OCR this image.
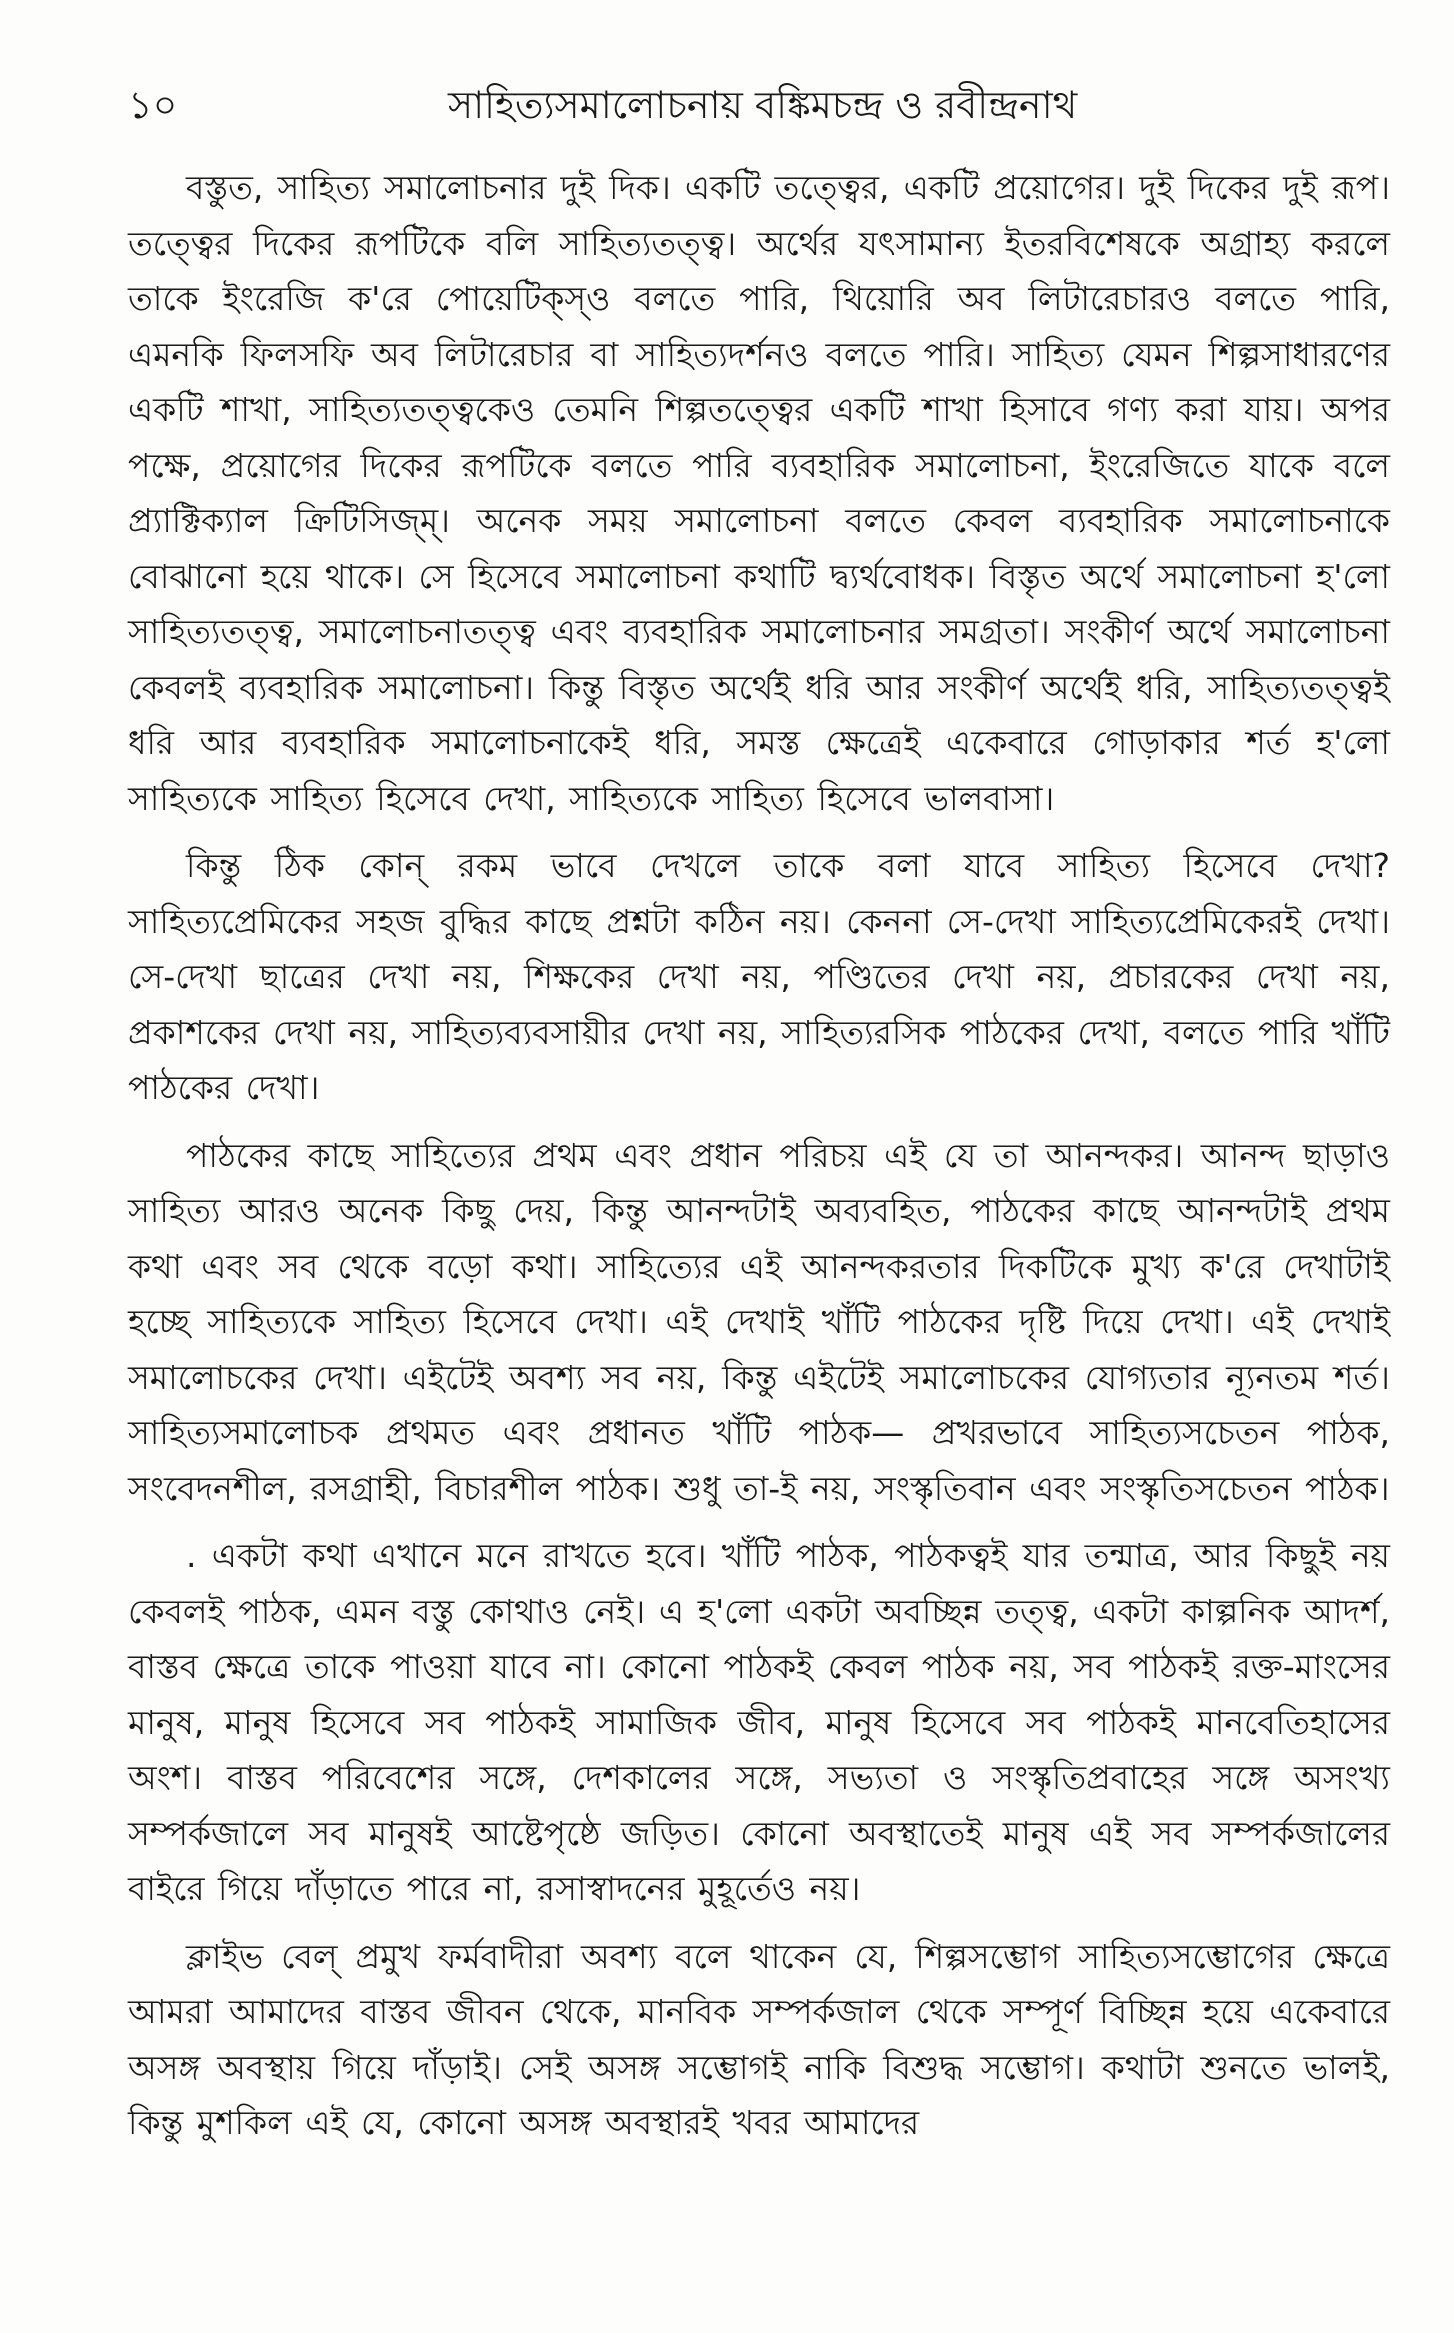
১০	সাহিত্যসমালোচনায় বঙ্কিমচন্দ্র ও রবীন্দ্রনাথ

বস্তুত, সাহিত্য সমালোচনার দুই দিক। একটি তত্ত্বের, একটি প্রয়োগের। দুই দিকের দুই রূপ। তত্ত্বের দিকের রূপটিকে বলি সাহিত্যতত্ত্ব। অর্থের যৎসামান্য ইতরবিশেষকে অগ্রাহ্য করলে তাকে ইংরেজি ক'রে পোয়েটিক্স্ও বলতে পারি, থিয়োরি অব লিটারেচারও বলতে পারি, এমনকি ফিলসফি অব লিটারেচার বা সাহিত্যদর্শনও বলতে পারি। সাহিত্য যেমন শিল্পসাধারণের একটি শাখা, সাহিত্যতত্ত্বকেও তেমনি শিল্পতত্ত্বের একটি শাখা হিসাবে গণ্য করা যায়। অপর পক্ষে, প্রয়োগের দিকের রূপটিকে বলতে পারি ব্যবহারিক সমালোচনা, ইংরেজিতে যাকে বলে প্র্যাক্টিক্যাল ক্রিটিসিজ্ম্। অনেক সময় সমালোচনা বলতে কেবল ব্যবহারিক সমালোচনাকে বোঝানো হয়ে থাকে। সে হিসেবে সমালোচনা কথাটি দ্ব্যর্থবোধক। বিস্তৃত অর্থে সমালোচনা হ'লো সাহিত্যতত্ত্ব, সমালোচনাতত্ত্ব এবং ব্যবহারিক সমালোচনার সমগ্রতা। সংকীর্ণ অর্থে সমালোচনা কেবলই ব্যবহারিক সমালোচনা। কিন্তু বিস্তৃত অর্থেই ধরি আর সংকীর্ণ অর্থেই ধরি, সাহিত্যতত্ত্বই ধরি আর ব্যবহারিক সমালোচনাকেই ধরি, সমস্ত ক্ষেত্রেই একেবারে গোড়াকার শর্ত হ'লো সাহিত্যকে সাহিত্য হিসেবে দেখা, সাহিত্যকে সাহিত্য হিসেবে ভালবাসা।

কিন্তু ঠিক কোন্ রকম ভাবে দেখলে তাকে বলা যাবে সাহিত্য হিসেবে দেখা? সাহিত্যপ্রেমিকের সহজ বুদ্ধির কাছে প্রশ্নটা কঠিন নয়। কেননা সে-দেখা সাহিত্যপ্রেমিকেরই দেখা। সে-দেখা ছাত্রের দেখা নয়, শিক্ষকের দেখা নয়, পণ্ডিতের দেখা নয়, প্রচারকের দেখা নয়, প্রকাশকের দেখা নয়, সাহিত্যব্যবসায়ীর দেখা নয়, সাহিত্যরসিক পাঠকের দেখা, বলতে পারি খাঁটি পাঠকের দেখা।

পাঠকের কাছে সাহিত্যের প্রথম এবং প্রধান পরিচয় এই যে তা আনন্দকর। আনন্দ ছাড়াও সাহিত্য আরও অনেক কিছু দেয়, কিন্তু আনন্দটাই অব্যবহিত, পাঠকের কাছে আনন্দটাই প্রথম কথা এবং সব থেকে বড়ো কথা। সাহিত্যের এই আনন্দকরতার দিকটিকে মুখ্য ক'রে দেখাটাই হচ্ছে সাহিত্যকে সাহিত্য হিসেবে দেখা। এই দেখাই খাঁটি পাঠকের দৃষ্টি দিয়ে দেখা। এই দেখাই সমালোচকের দেখা। এইটেই অবশ্য সব নয়, কিন্তু এইটেই সমালোচকের যোগ্যতার ন্যূনতম শর্ত। সাহিত্যসমালোচক প্রথমত এবং প্রধানত খাঁটি পাঠক— প্রখরভাবে সাহিত্যসচেতন পাঠক, সংবেদনশীল, রসগ্রাহী, বিচারশীল পাঠক। শুধু তা-ই নয়, সংস্কৃতিবান এবং সংস্কৃতিসচেতন পাঠক।

. একটা কথা এখানে মনে রাখতে হবে। খাঁটি পাঠক, পাঠকত্বই যার তন্মাত্র, আর কিছুই নয় কেবলই পাঠক, এমন বস্তু কোথাও নেই। এ হ'লো একটা অবচ্ছিন্ন তত্ত্ব, একটা কাল্পনিক আদর্শ, বাস্তব ক্ষেত্রে তাকে পাওয়া যাবে না। কোনো পাঠকই কেবল পাঠক নয়, সব পাঠকই রক্ত-মাংসের মানুষ, মানুষ হিসেবে সব পাঠকই সামাজিক জীব, মানুষ হিসেবে সব পাঠকই মানবেতিহাসের অংশ। বাস্তব পরিবেশের সঙ্গে, দেশকালের সঙ্গে, সভ্যতা ও সংস্কৃতিপ্রবাহের সঙ্গে অসংখ্য সম্পর্কজালে সব মানুষই আষ্টেপৃষ্ঠে জড়িত। কোনো অবস্থাতেই মানুষ এই সব সম্পর্কজালের বাইরে গিয়ে দাঁড়াতে পারে না, রসাস্বাদনের মুহূর্তেও নয়।

ক্লাইভ বেল্ প্রমুখ ফর্মবাদীরা অবশ্য বলে থাকেন যে, শিল্পসম্ভোগ সাহিত্যসম্ভোগের ক্ষেত্রে আমরা আমাদের বাস্তব জীবন থেকে, মানবিক সম্পর্কজাল থেকে সম্পূর্ণ বিচ্ছিন্ন হয়ে একেবারে অসঙ্গ অবস্থায় গিয়ে দাঁড়াই। সেই অসঙ্গ সম্ভোগই নাকি বিশুদ্ধ সম্ভোগ। কথাটা শুনতে ভালই, কিন্তু মুশকিল এই যে, কোনো অসঙ্গ অবস্থারই খবর আমাদের
